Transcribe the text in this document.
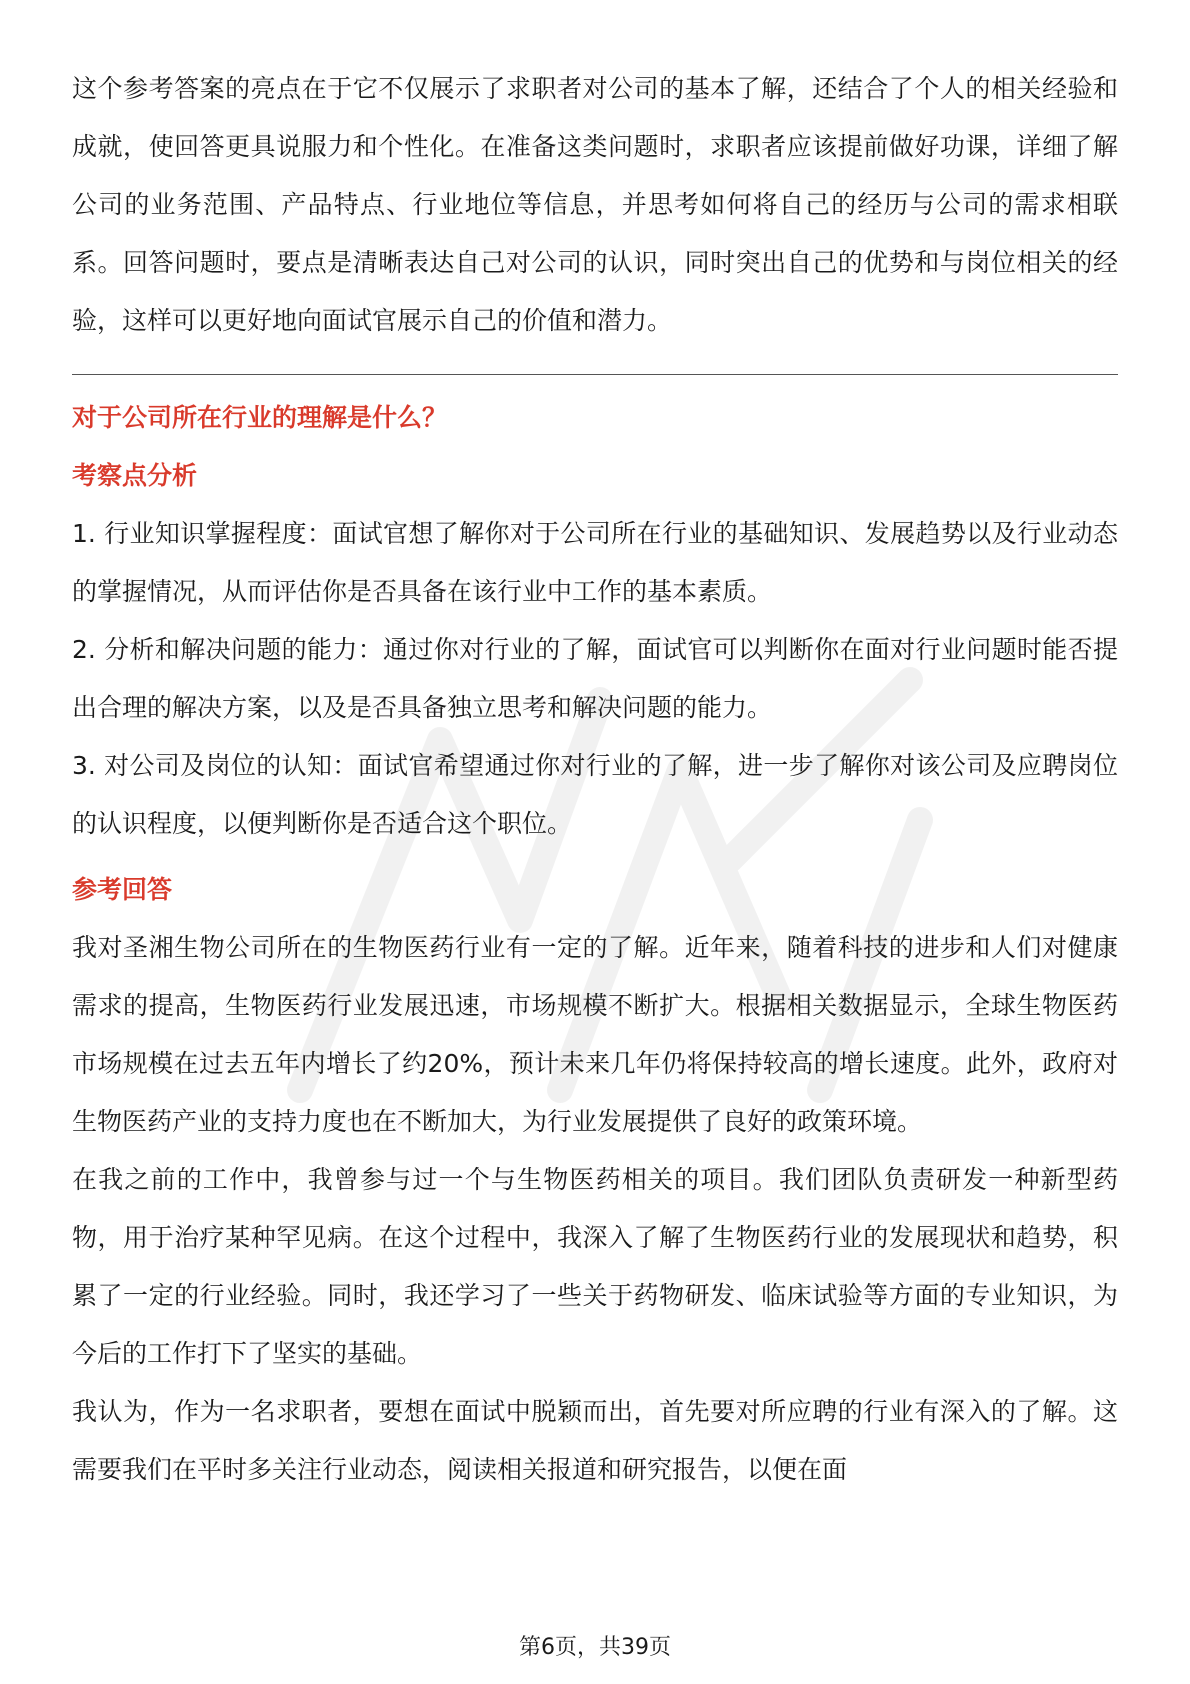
这个参考答案的亮点在于它不仅展示了求职者对公司的基本了解，还结合了个人的相关经验和成就，使回答更具说服力和个性化。在准备这类问题时，求职者应该提前做好功课，详细了解公司的业务范围、产品特点、行业地位等信息，并思考如何将自己的经历与公司的需求相联系。回答问题时，要点是清晰表达自己对公司的认识，同时突出自己的优势和与岗位相关的经验，这样可以更好地向面试官展示自己的价值和潜力。

对于公司所在行业的理解是什么？

考察点分析

1. 行业知识掌握程度：面试官想了解你对于公司所在行业的基础知识、发展趋势以及行业动态的掌握情况，从而评估你是否具备在该行业中工作的基本素质。

2. 分析和解决问题的能力：通过你对行业的了解，面试官可以判断你在面对行业问题时能否提出合理的解决方案，以及是否具备独立思考和解决问题的能力。

3. 对公司及岗位的认知：面试官希望通过你对行业的了解，进一步了解你对该公司及应聘岗位的认识程度，以便判断你是否适合这个职位。

参考回答

我对圣湘生物公司所在的生物医药行业有一定的了解。近年来，随着科技的进步和人们对健康需求的提高，生物医药行业发展迅速，市场规模不断扩大。根据相关数据显示，全球生物医药市场规模在过去五年内增长了约20%，预计未来几年仍将保持较高的增长速度。此外，政府对生物医药产业的支持力度也在不断加大，为行业发展提供了良好的政策环境。

在我之前的工作中，我曾参与过一个与生物医药相关的项目。我们团队负责研发一种新型药物，用于治疗某种罕见病。在这个过程中，我深入了解了生物医药行业的发展现状和趋势，积累了一定的行业经验。同时，我还学习了一些关于药物研发、临床试验等方面的专业知识，为今后的工作打下了坚实的基础。

我认为，作为一名求职者，要想在面试中脱颖而出，首先要对所应聘的行业有深入的了解。这需要我们在平时多关注行业动态，阅读相关报道和研究报告，以便在面

第6页，共39页
